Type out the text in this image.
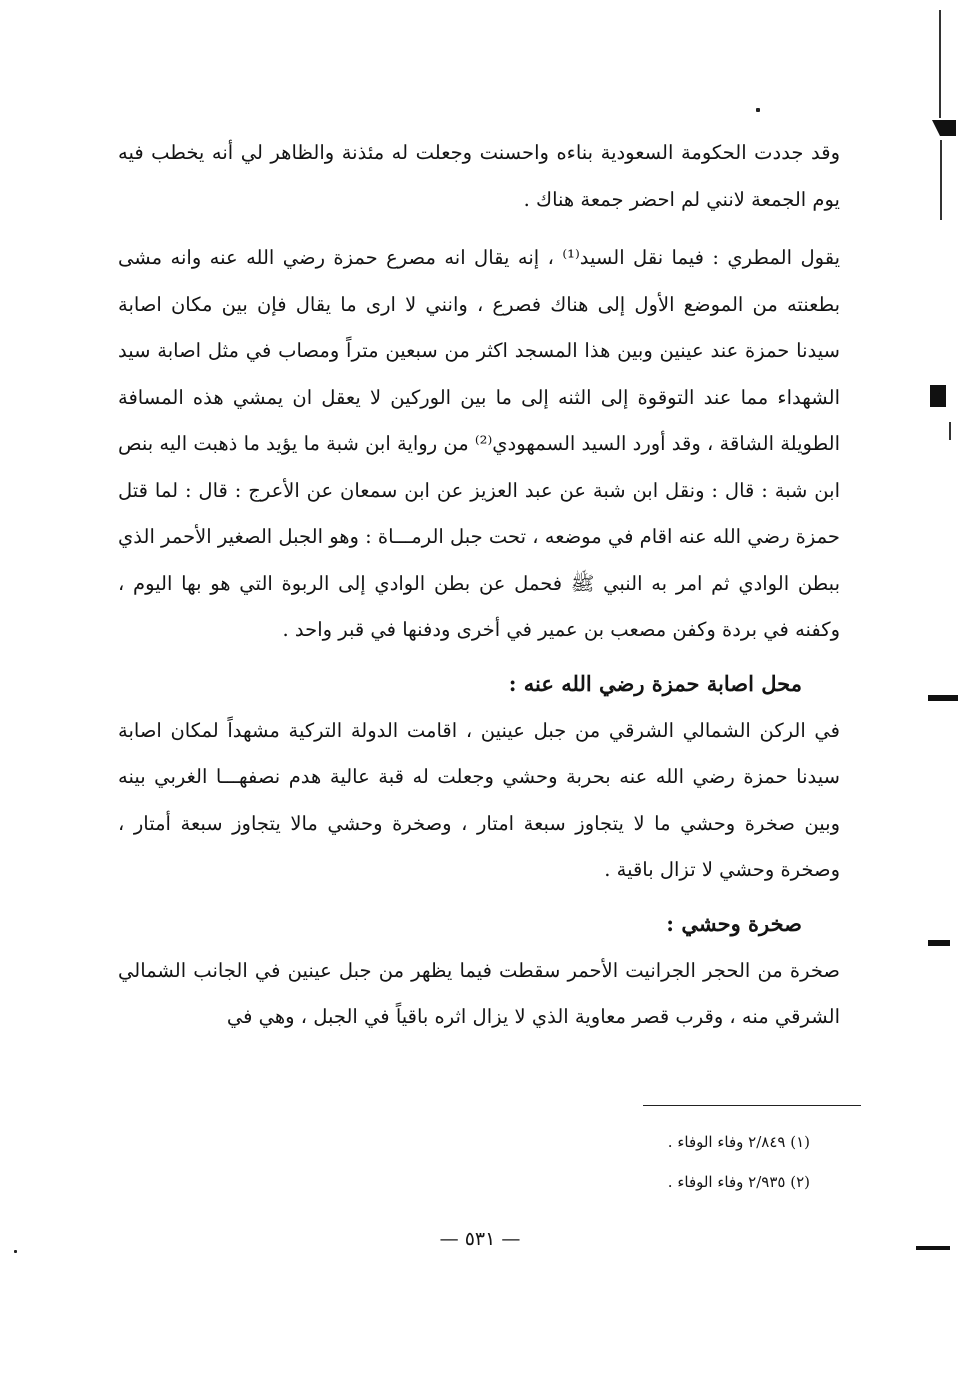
وقد جددت الحكومة السعودية بناءه واحسنت وجعلت له مئذنة والظاهر لي أنه يخطب فيه يوم الجمعة لانني لم احضر جمعة هناك .

يقول المطري : فيما نقل السيد⁽¹⁾ ، إنه يقال انه مصرع حمزة رضي الله عنه وانه مشى بطعنته من الموضع الأول إلى هناك فصرع ، وانني لا ارى ما يقال فإن بين مكان اصابة سيدنا حمزة عند عينين وبين هذا المسجد اكثر من سبعين متراً ومصاب في مثل اصابة سيد الشهداء مما عند التوقوة إلى الثنه إلى ما بين الوركين لا يعقل ان يمشي هذه المسافة الطويلة الشاقة ، وقد أورد السيد السمهودي⁽²⁾ من رواية ابن شبة ما يؤيد ما ذهبت اليه بنص ابن شبة : قال : ونقل ابن شبة عن عبد العزيز عن ابن سمعان عن الأعرج : قال : لما قتل حمزة رضي الله عنه اقام في موضعه ، تحت جبل الرمـــاة : وهو الجبل الصغير الأحمر الذي ببطن الوادي ثم امر به النبي ﷺ فحمل عن بطن الوادي إلى الربوة التي هو بها اليوم ، وكفنه في بردة وكفن مصعب بن عمير في أخرى ودفنها في قبر واحد .

محل اصابة حمزة رضي الله عنه :

في الركن الشمالي الشرقي من جبل عينين ، اقامت الدولة التركية مشهداً لمكان اصابة سيدنا حمزة رضي الله عنه بحربة وحشي وجعلت له قبة عالية هدم نصفهـــا الغربي بينه وبين صخرة وحشي ما لا يتجاوز سبعة امتار ، وصخرة وحشي مالا يتجاوز سبعة أمتار ، وصخرة وحشي لا تزال باقية .

صخرة وحشي :

صخرة من الحجر الجرانيت الأحمر سقطت فيما يظهر من جبل عينين في الجانب الشمالي الشرقي منه ، وقرب قصر معاوية الذي لا يزال اثره باقياً في الجبل ، وهي في

(١) ٢/٨٤٩ وفاء الوفاء .
(٢) ٢/٩٣٥ وفاء الوفاء .
— ٥٣١ —
